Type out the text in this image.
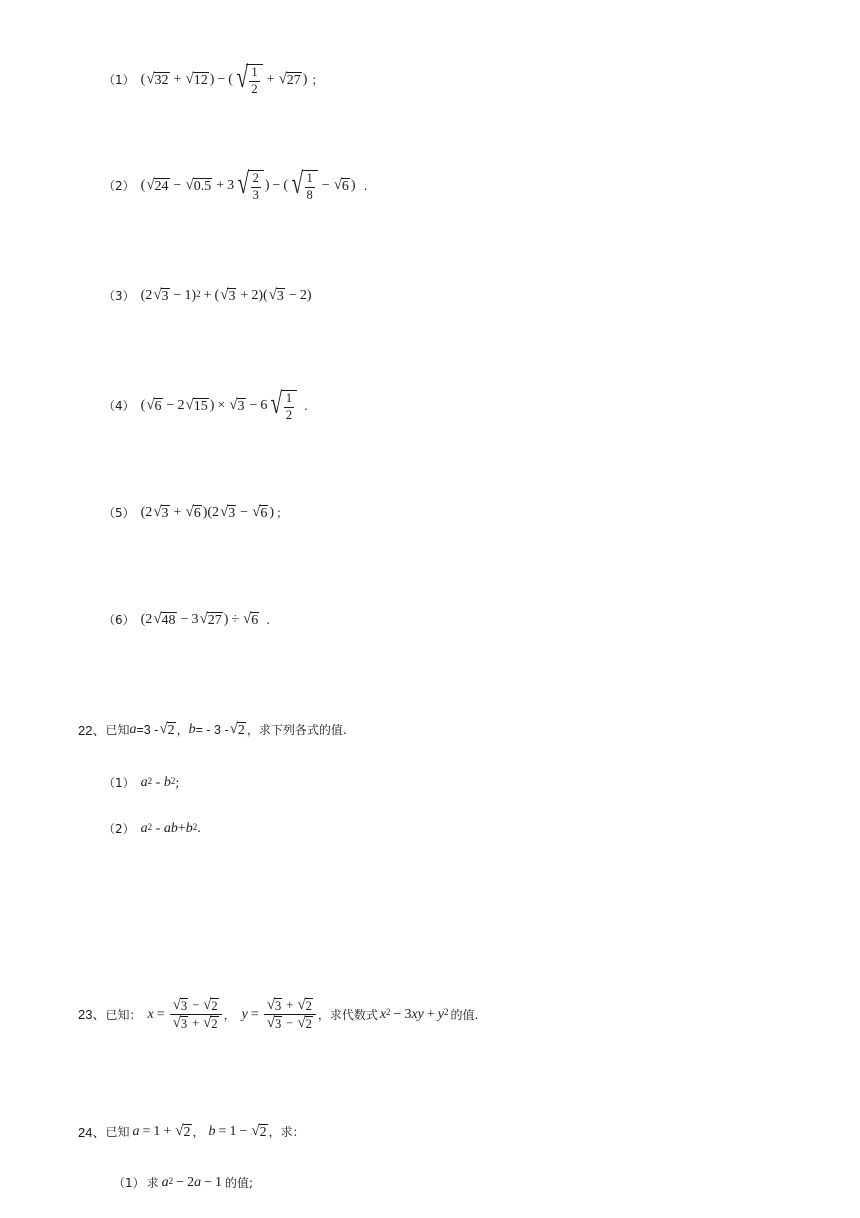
（1） ( √ 32 + √ 12 ) − ( √ $\frac{1}{2}$ + √ 27 ) ；
（2） ( √ 24 − √ 0.5 + 3 √ $\frac{2}{3}$ ) − ( √ $\frac{1}{8}$ − √ 6 ) .
（3） (2 √ 3 − 1)$^2$ + ( √ 3 + 2)( √ 3 − 2)
（4） ( √ 6 − 2 √ 15 ) × √ 3 − 6 √ $\frac{1}{2}$ .
（5） (2 √ 3 + √ 6 )(2 √ 3 − √ 6 ) ；
（6） (2 √ 48 − 3 √ 27 ) ÷ √ 6 .
22、 已知 a =3 - √ 2 ， b = - 3 - √ 2 ，求下列各式的值.
（1） $a^2 - b^2$ ;
（2） $a^2$ - ab + $b^2$ .
23、 已知： $x = \frac{√ 3 - √ 2}{√ 3 + √ 2}$ ， $y = \frac{√ 3 + √ 2}{√ 3 - √ 2}$ ，求代数式 $x^2 - 3$ xy + $y^2$ 的值.
24、 已知 a = 1 + √ 2 ， b = 1 − √ 2 ，求：
（1） 求 $a^2 - 2$ a − 1 的值;
